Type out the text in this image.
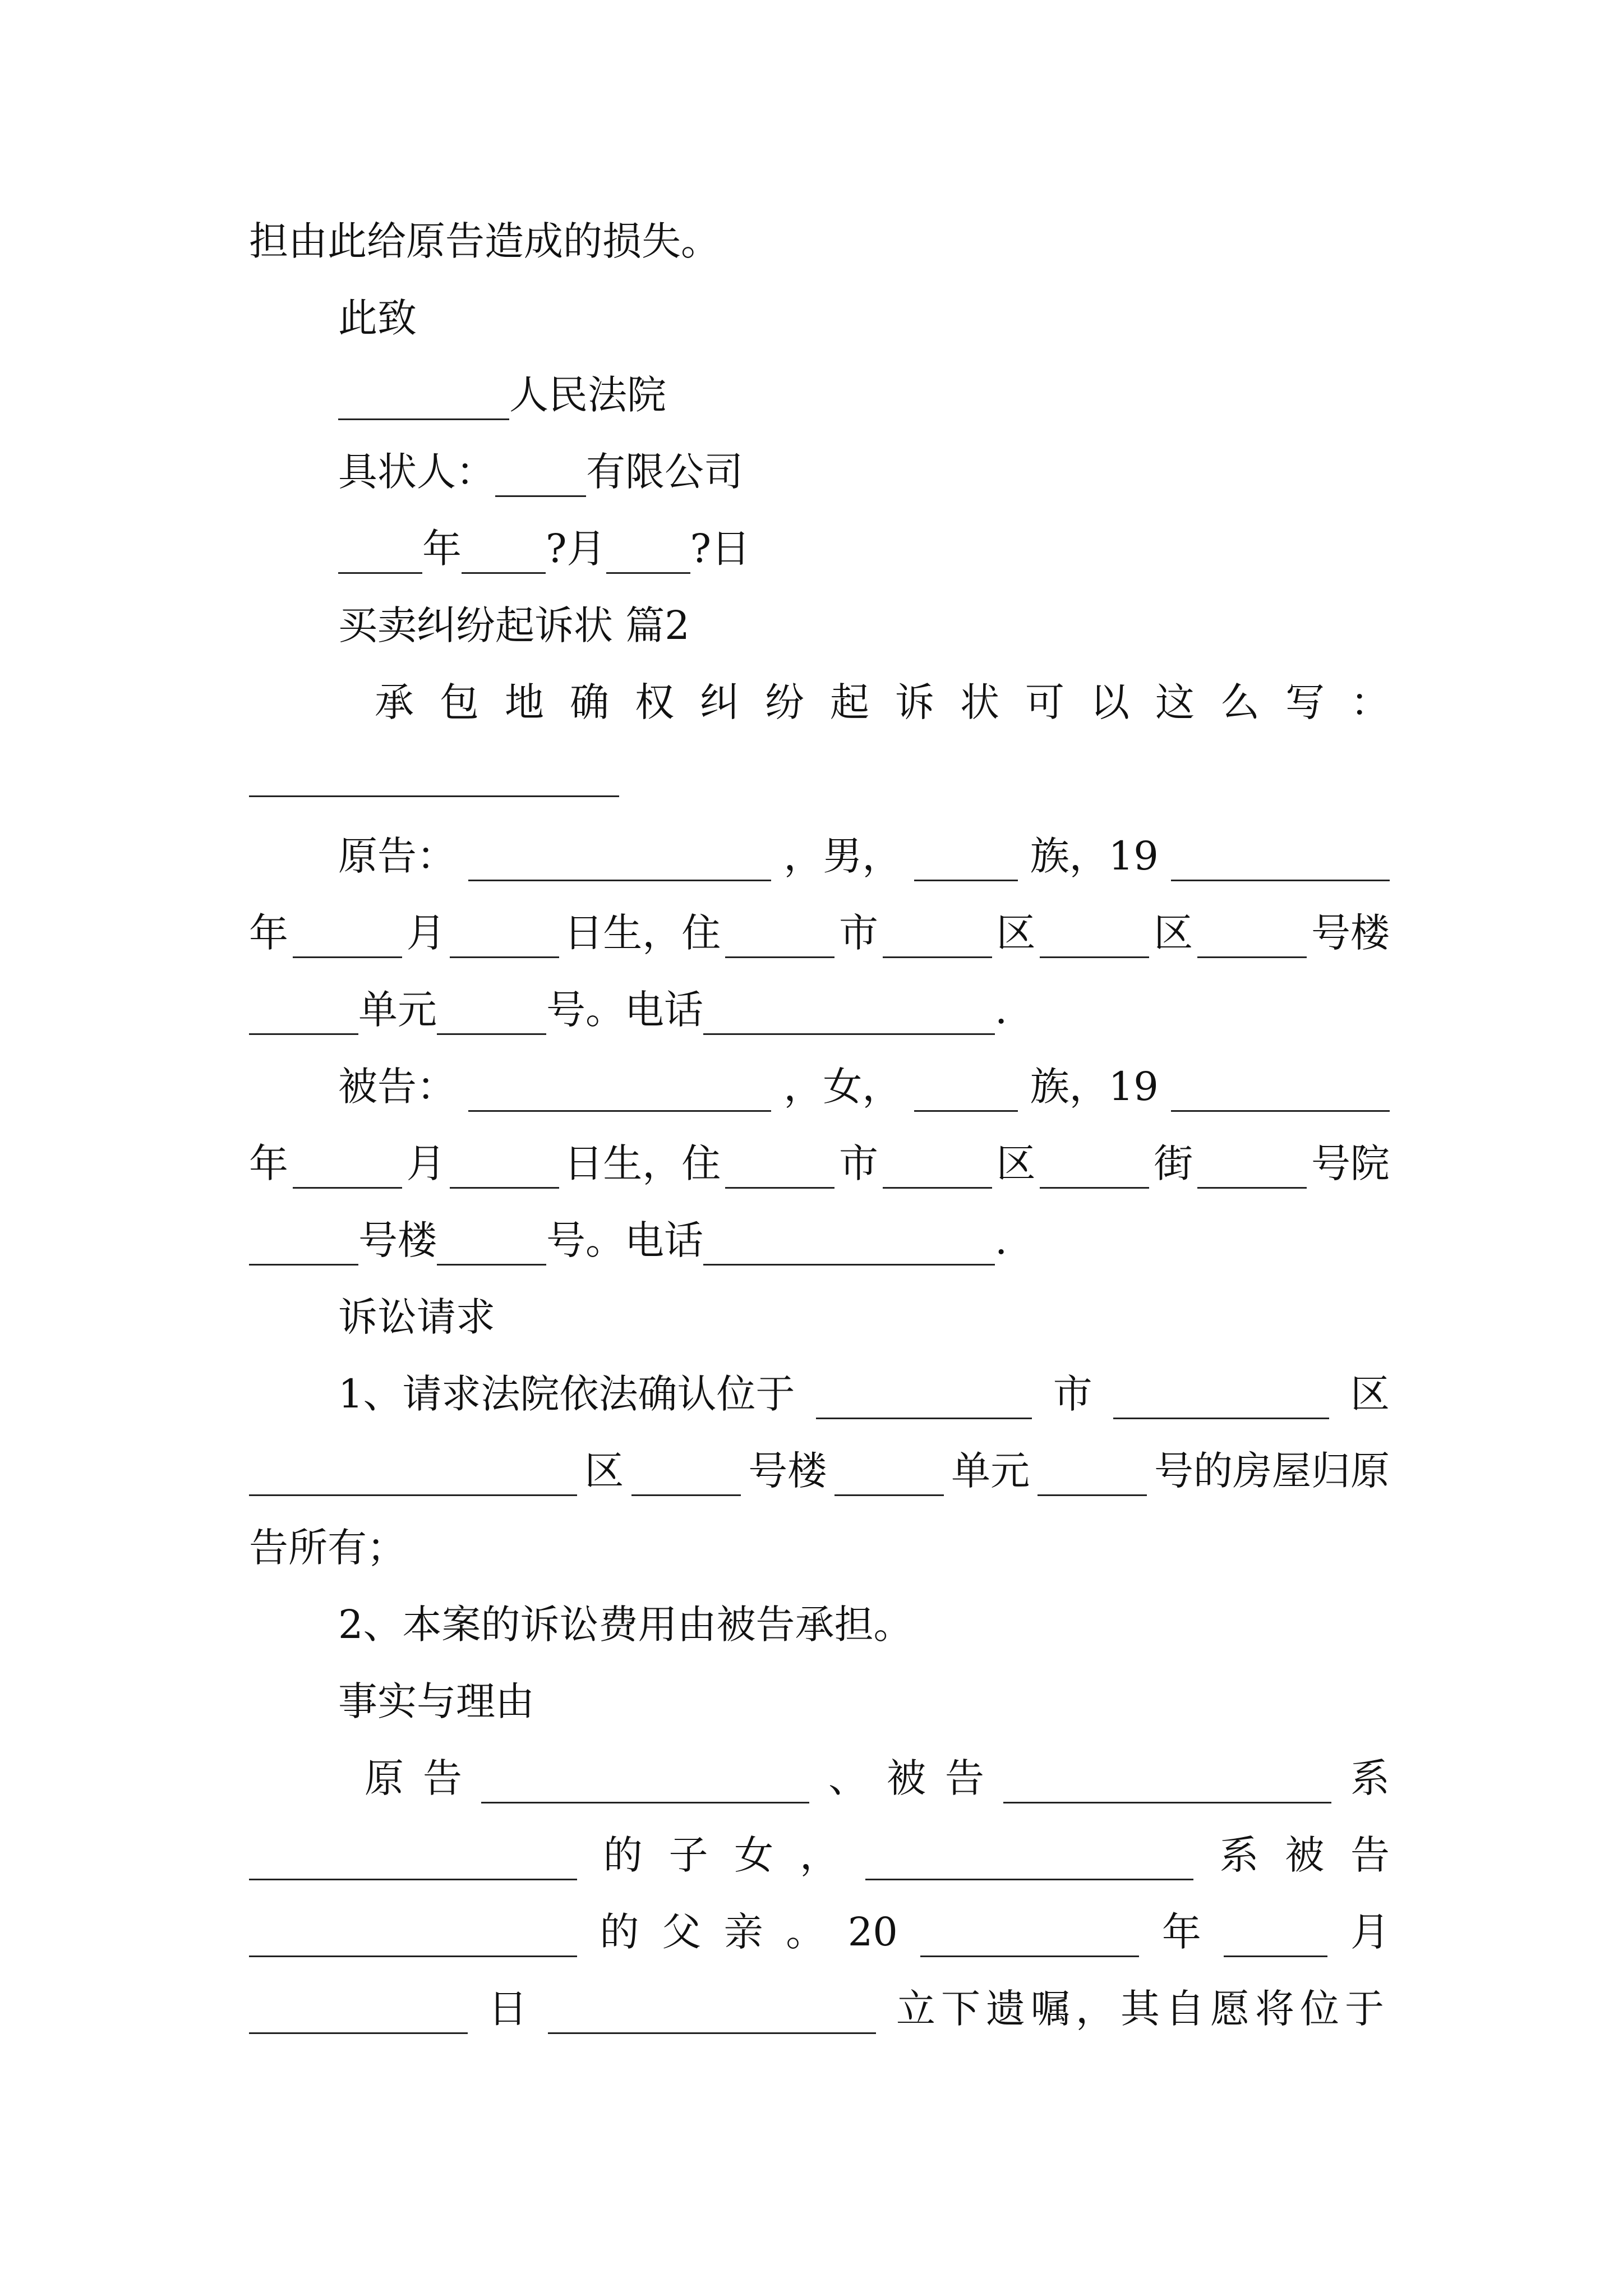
担由此给原告造成的损失。
此致
人民法院
具状人： 有限公司
年 ?月 ?日
买卖纠纷起诉状 篇2
承 包 地 确 权 纠 纷 起 诉 状 可 以 这 么 写 ：
原告：	，男，	族，19
年	月	日生，住	市	区	区	号楼
单元	号。电话	.
被告：	，女，	族，19
年	月	日生，住	市	区	街	号院
号楼	号。电话	.
诉讼请求
1、请求法院依法确认位于	市	区
区	号楼	单元	号的房屋归原
告所有；
2、本案的诉讼费用由被告承担。
事实与理由
原 告	、 被 告	系
的 子 女 ，	系 被 告
的 父 亲 。 20	年	月
日	立下遗嘱，其自愿将位于
